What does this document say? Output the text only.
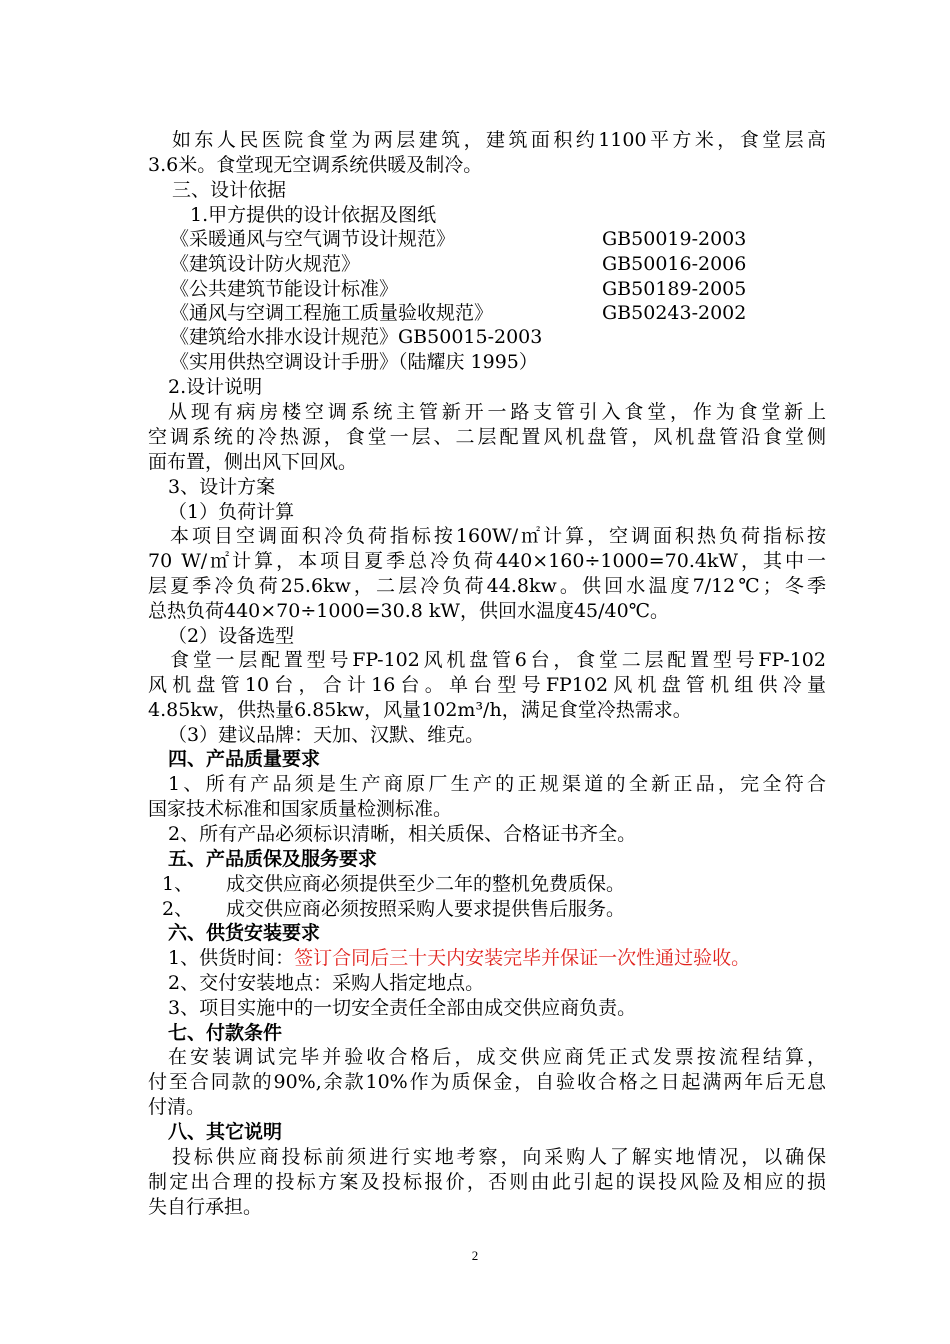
如东人民医院食堂为两层建筑，建筑面积约1100平方米，食堂层高
3.6米。食堂现无空调系统供暖及制冷。
三、设计依据
1.甲方提供的设计依据及图纸
《采暖通风与空气调节设计规范》	GB50019-2003
《建筑设计防火规范》	GB50016-2006
《公共建筑节能设计标准》	GB50189-2005
《通风与空调工程施工质量验收规范》	GB50243-2002
《建筑给水排水设计规范》GB50015-2003
《实用供热空调设计手册》（陆耀庆 1995）
2.设计说明
从现有病房楼空调系统主管新开一路支管引入食堂，作为食堂新上
空调系统的冷热源，食堂一层、二层配置风机盘管，风机盘管沿食堂侧
面布置，侧出风下回风。
3、设计方案
（1）负荷计算
本项目空调面积冷负荷指标按160W/㎡计算，空调面积热负荷指标按
70 W/㎡计算，本项目夏季总冷负荷440×160÷1000=70.4kW，其中一
层夏季冷负荷25.6kw，二层冷负荷44.8kw。供回水温度7/12℃；冬季
总热负荷440×70÷1000=30.8 kW，供回水温度45/40℃。
（2）设备选型
食堂一层配置型号FP-102风机盘管6台，食堂二层配置型号FP-102
风机盘管10台，合计16台。单台型号FP102风机盘管机组供冷量
4.85kw，供热量6.85kw，风量102m³/h，满足食堂冷热需求。
（3）建议品牌：天加、汉默、维克。
四、产品质量要求
1、所有产品须是生产商原厂生产的正规渠道的全新正品，完全符合
国家技术标准和国家质量检测标准。
2、所有产品必须标识清晰，相关质保、合格证书齐全。
五、产品质保及服务要求
1、 成交供应商必须提供至少二年的整机免费质保。
2、 成交供应商必须按照采购人要求提供售后服务。
六、供货安装要求
1、供货时间：签订合同后三十天内安装完毕并保证一次性通过验收。
2、交付安装地点：采购人指定地点。
3、项目实施中的一切安全责任全部由成交供应商负责。
七、付款条件
在安装调试完毕并验收合格后，成交供应商凭正式发票按流程结算，
付至合同款的90%,余款10%作为质保金，自验收合格之日起满两年后无息
付清。
八、其它说明
投标供应商投标前须进行实地考察，向采购人了解实地情况，以确保
制定出合理的投标方案及投标报价，否则由此引起的误投风险及相应的损
失自行承担。
2
